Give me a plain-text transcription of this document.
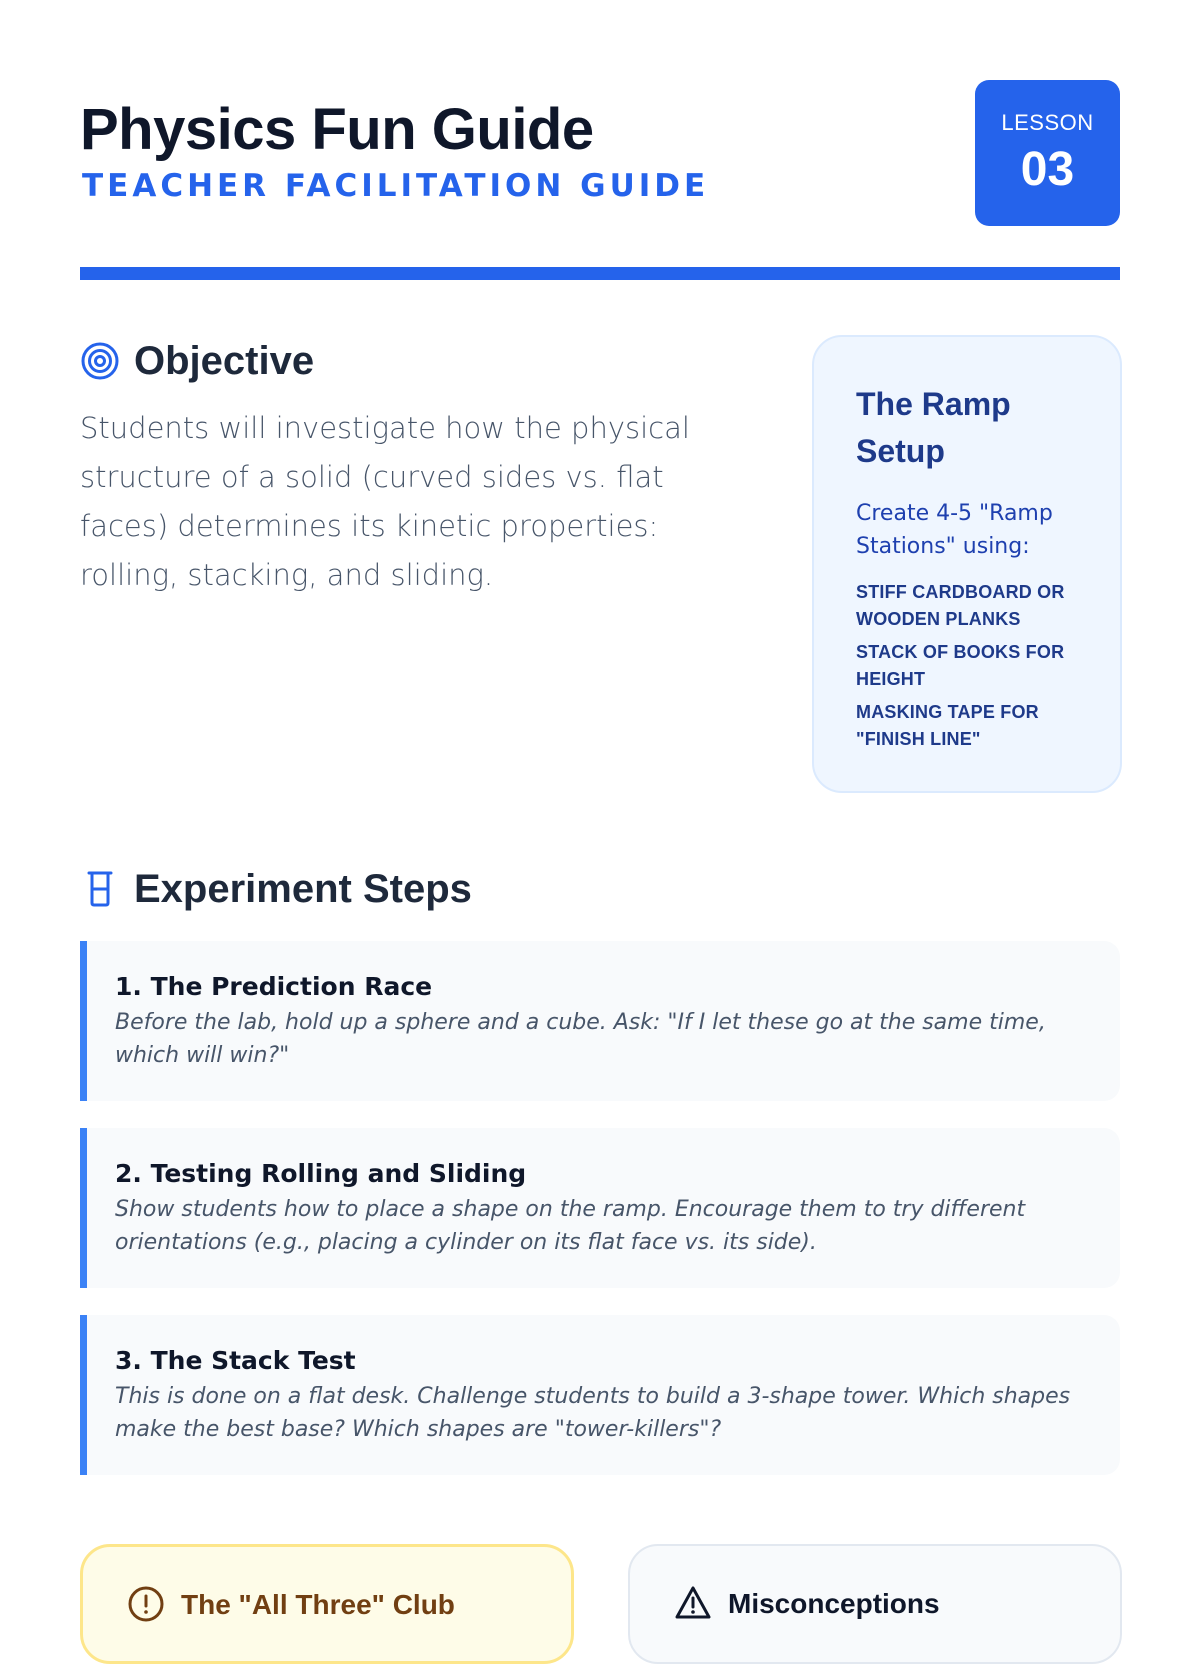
Physics Fun Guide
TEACHER FACILITATION GUIDE
LESSON
03
Objective

Students will investigate how the physical structure of a solid (curved sides vs. flat faces) determines its kinetic properties: rolling, stacking, and sliding.

The Ramp Setup
Create 4-5 "Ramp Stations" using:
STIFF CARDBOARD OR WOODEN PLANKS
STACK OF BOOKS FOR HEIGHT
MASKING TAPE FOR "FINISH LINE"
Experiment Steps
1. The Prediction Race
Before the lab, hold up a sphere and a cube. Ask: "If I let these go at the same time, which will win?"
2. Testing Rolling and Sliding
Show students how to place a shape on the ramp. Encourage them to try different orientations (e.g., placing a cylinder on its flat face vs. its side).
3. The Stack Test
This is done on a flat desk. Challenge students to build a 3-shape tower. Which shapes make the best base? Which shapes are "tower-killers"?
The "All Three" Club	Misconceptions
